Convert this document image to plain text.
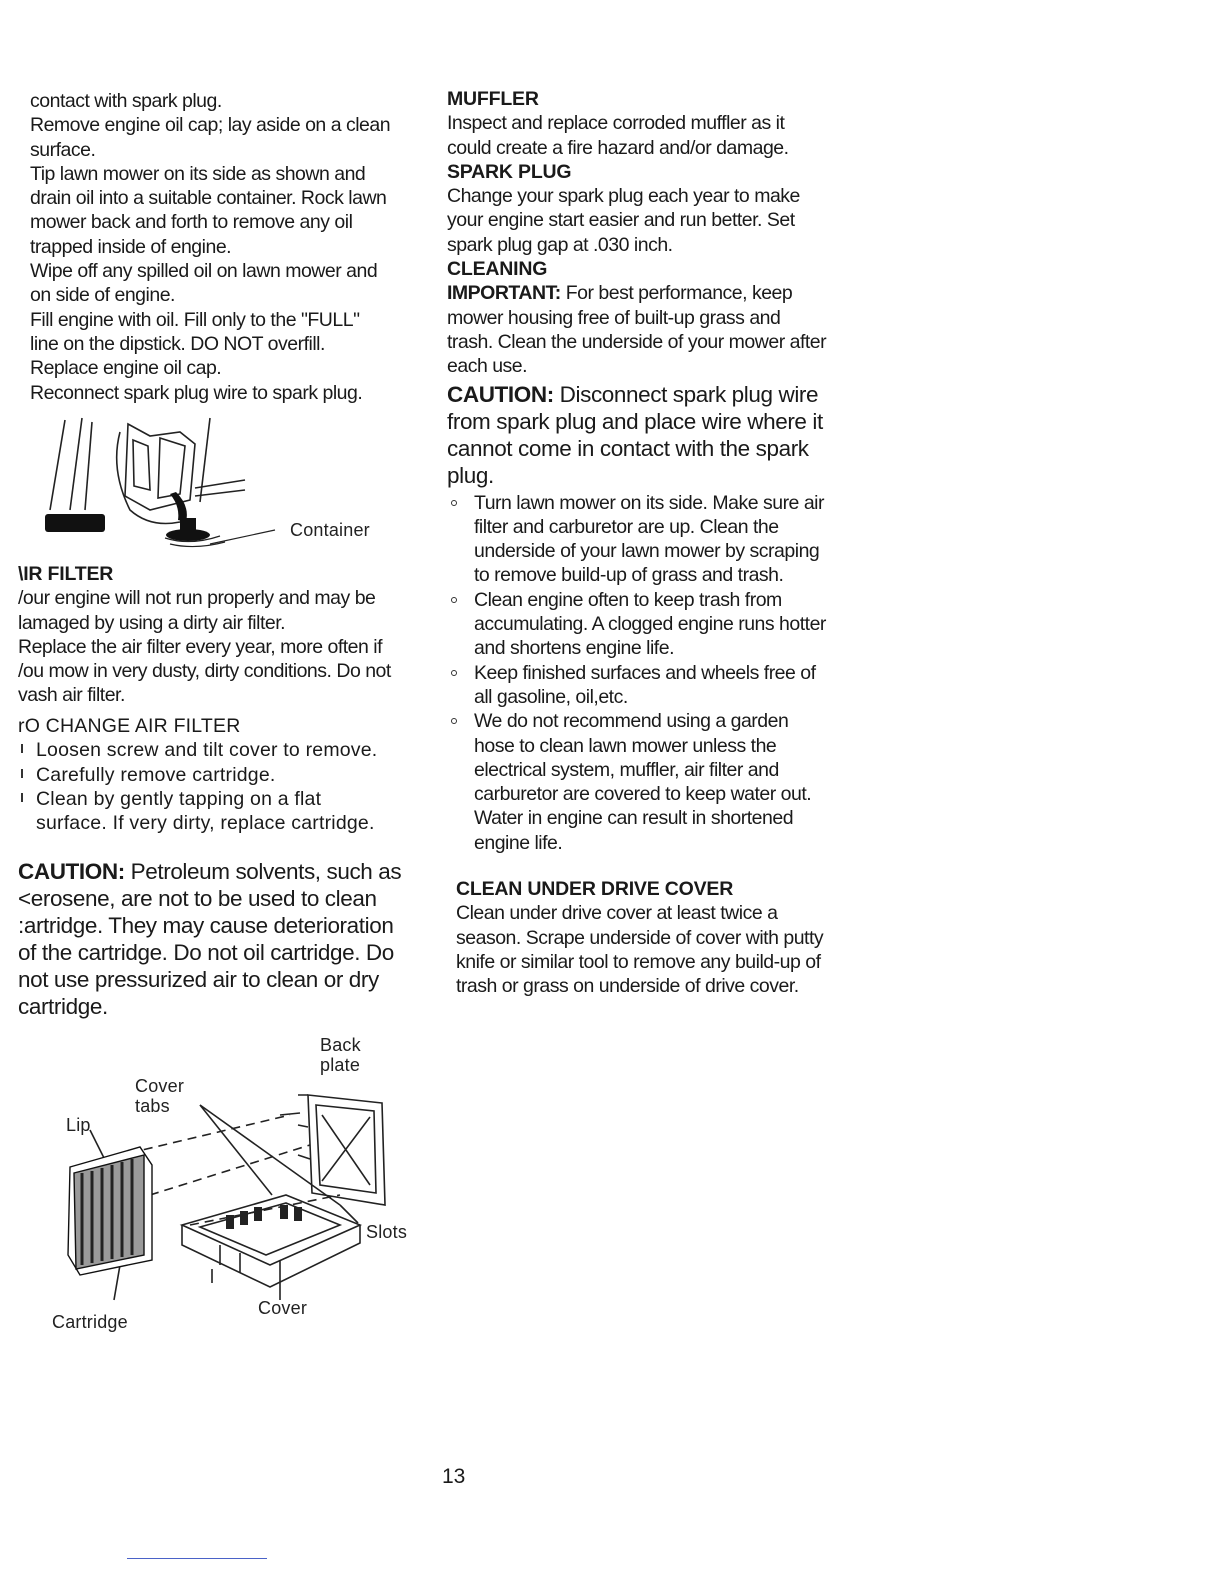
contact with spark plug.

Remove engine oil cap; lay aside on a clean

surface.

Tip lawn mower on its side as shown and

drain oil into a suitable container. Rock lawn

mower back and forth to remove any oil

trapped inside of engine.

Wipe off any spilled oil on lawn mower and

on side of engine.

Fill engine with oil. Fill only to the "FULL"

line on the dipstick. DO NOT overfill.

Replace engine oil cap.

Reconnect spark plug wire to spark plug.

Container
\IR FILTER

/our engine will not run properly and may be

lamaged by using a dirty air filter.

Replace the air filter every year, more often if

/ou mow in very dusty, dirty conditions. Do not

vash air filter.

rO CHANGE AIR FILTER
Loosen screw and tilt cover to remove.
Carefully remove cartridge.
Clean by gently tapping on a flat
surface. If very dirty, replace cartridge.

CAUTION: Petroleum solvents, such as

<erosene, are not to be used to clean

:artridge. They may cause deterioration

of the cartridge. Do not oil cartridge. Do

not use pressurized air to clean or dry

cartridge.

Back
plate
Cover
tabs
Lip
Slots
Cover
Cartridge
MUFFLER

Inspect and replace corroded muffler as it

could create a fire hazard and/or damage.

SPARK PLUG

Change your spark plug each year to make

your engine start easier and run better. Set

spark plug gap at .030 inch.

CLEANING

IMPORTANT: For best performance, keep

mower housing free of built-up grass and

trash. Clean the underside of your mower after

each use.

CAUTION: Disconnect spark plug wire

from spark plug and place wire where it

cannot come in contact with the spark

plug.

Turn lawn mower on its side. Make sure air
filter and carburetor are up. Clean the
underside of your lawn mower by scraping
to remove build-up of grass and trash.
Clean engine often to keep trash from
accumulating. A clogged engine runs hotter
and shortens engine life.
Keep finished surfaces and wheels free of
all gasoline, oil,etc.
We do not recommend using a garden
hose to clean lawn mower unless the
electrical system, muffler, air filter and
carburetor are covered to keep water out.
Water in engine can result in shortened
engine life.
CLEAN UNDER DRIVE COVER

Clean under drive cover at least twice a

season. Scrape underside of cover with putty

knife or similar tool to remove any build-up of

trash or grass on underside of drive cover.

13
